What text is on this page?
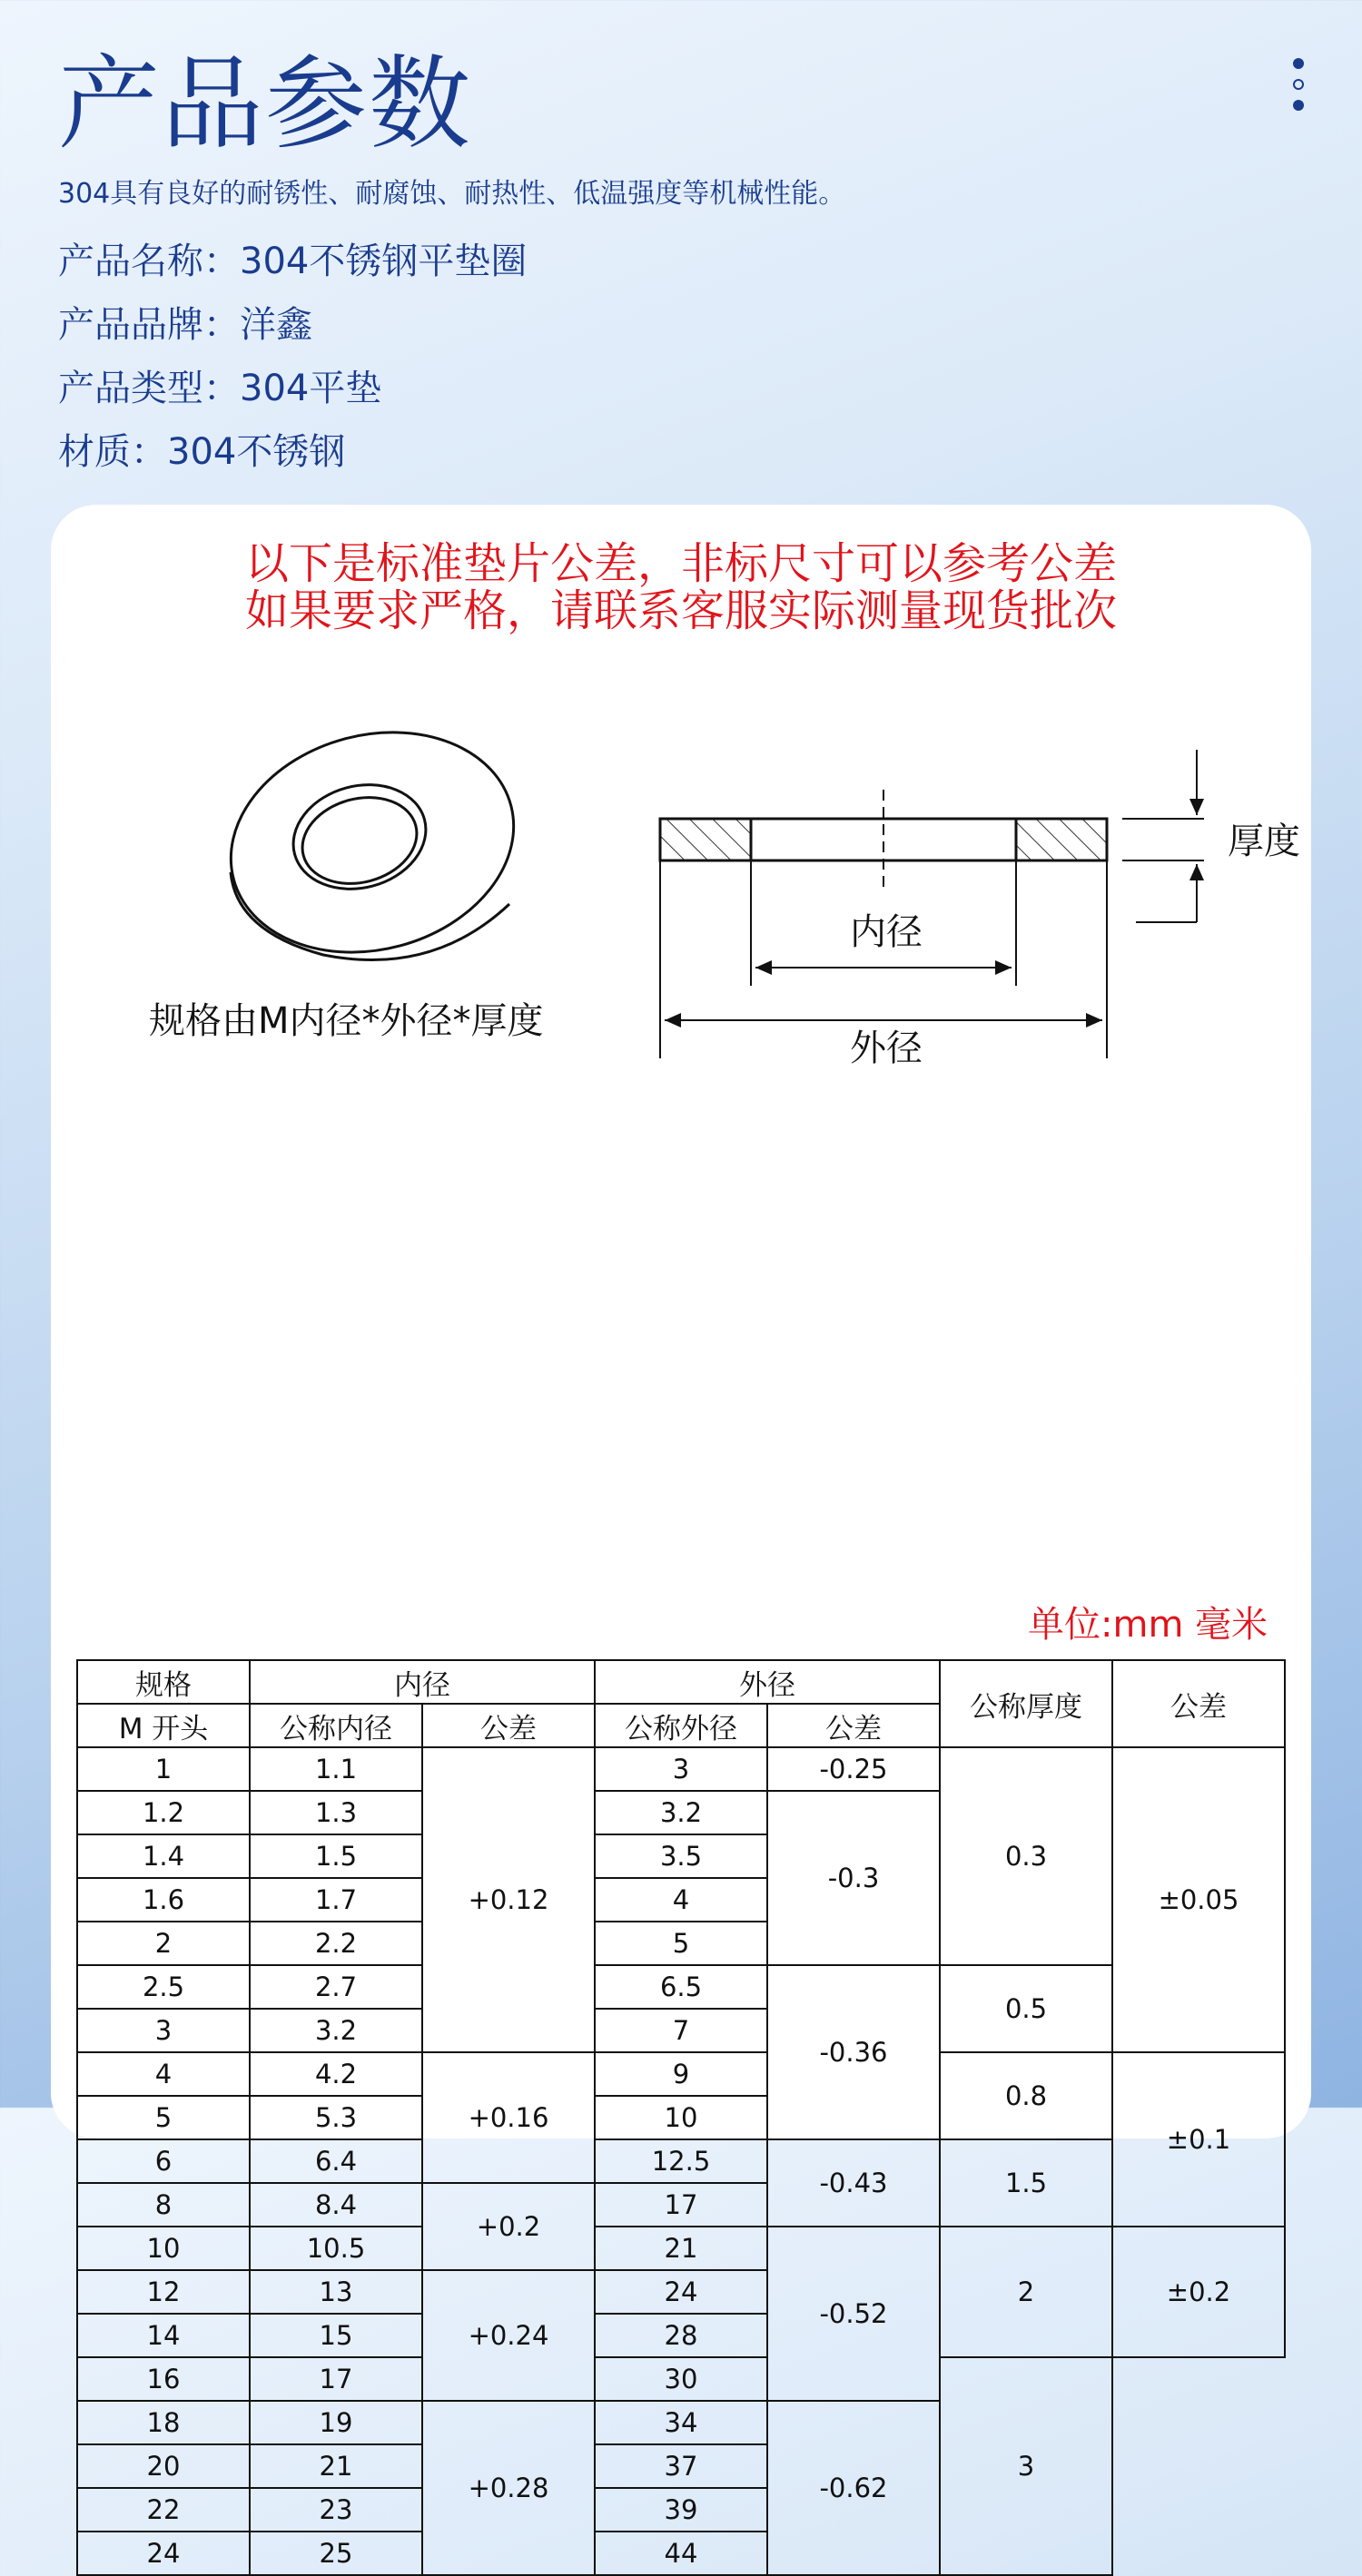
产品参数
304具有良好的耐锈性、耐腐蚀、耐热性、低温强度等机械性能。
产品名称：304不锈钢平垫圈
产品品牌：洋鑫
产品类型：304平垫
材质：304不锈钢
以下是标准垫片公差，非标尺寸可以参考公差
如果要求严格，请联系客服实际测量现货批次
规格由M内径*外径*厚度
厚度
内径
外径
单位:mm 毫米
规格	内径		外径		公称厚度	公差
M 开头	公称内径	公差	公称外径	公差		
1	1.1	+0.12	3	-0.25	0.3	±0.05
1.2	1.3		3.2	-0.3		
1.4	1.5		3.5			
1.6	1.7		4			
2	2.2		5			
2.5	2.7		6.5	-0.36	0.5	
3	3.2		7			
4	4.2	+0.16	9		0.8	±0.1
5	5.3		10			
6	6.4		12.5	-0.43	1.5	
8	8.4	+0.2	17			
10	10.5		21	-0.52	2	±0.2
12	13	+0.24	24			
14	15		28			
16	17		30		3	
18	19	+0.28	34	-0.62		
20	21		37			
22	23		39			
24	25		44			
